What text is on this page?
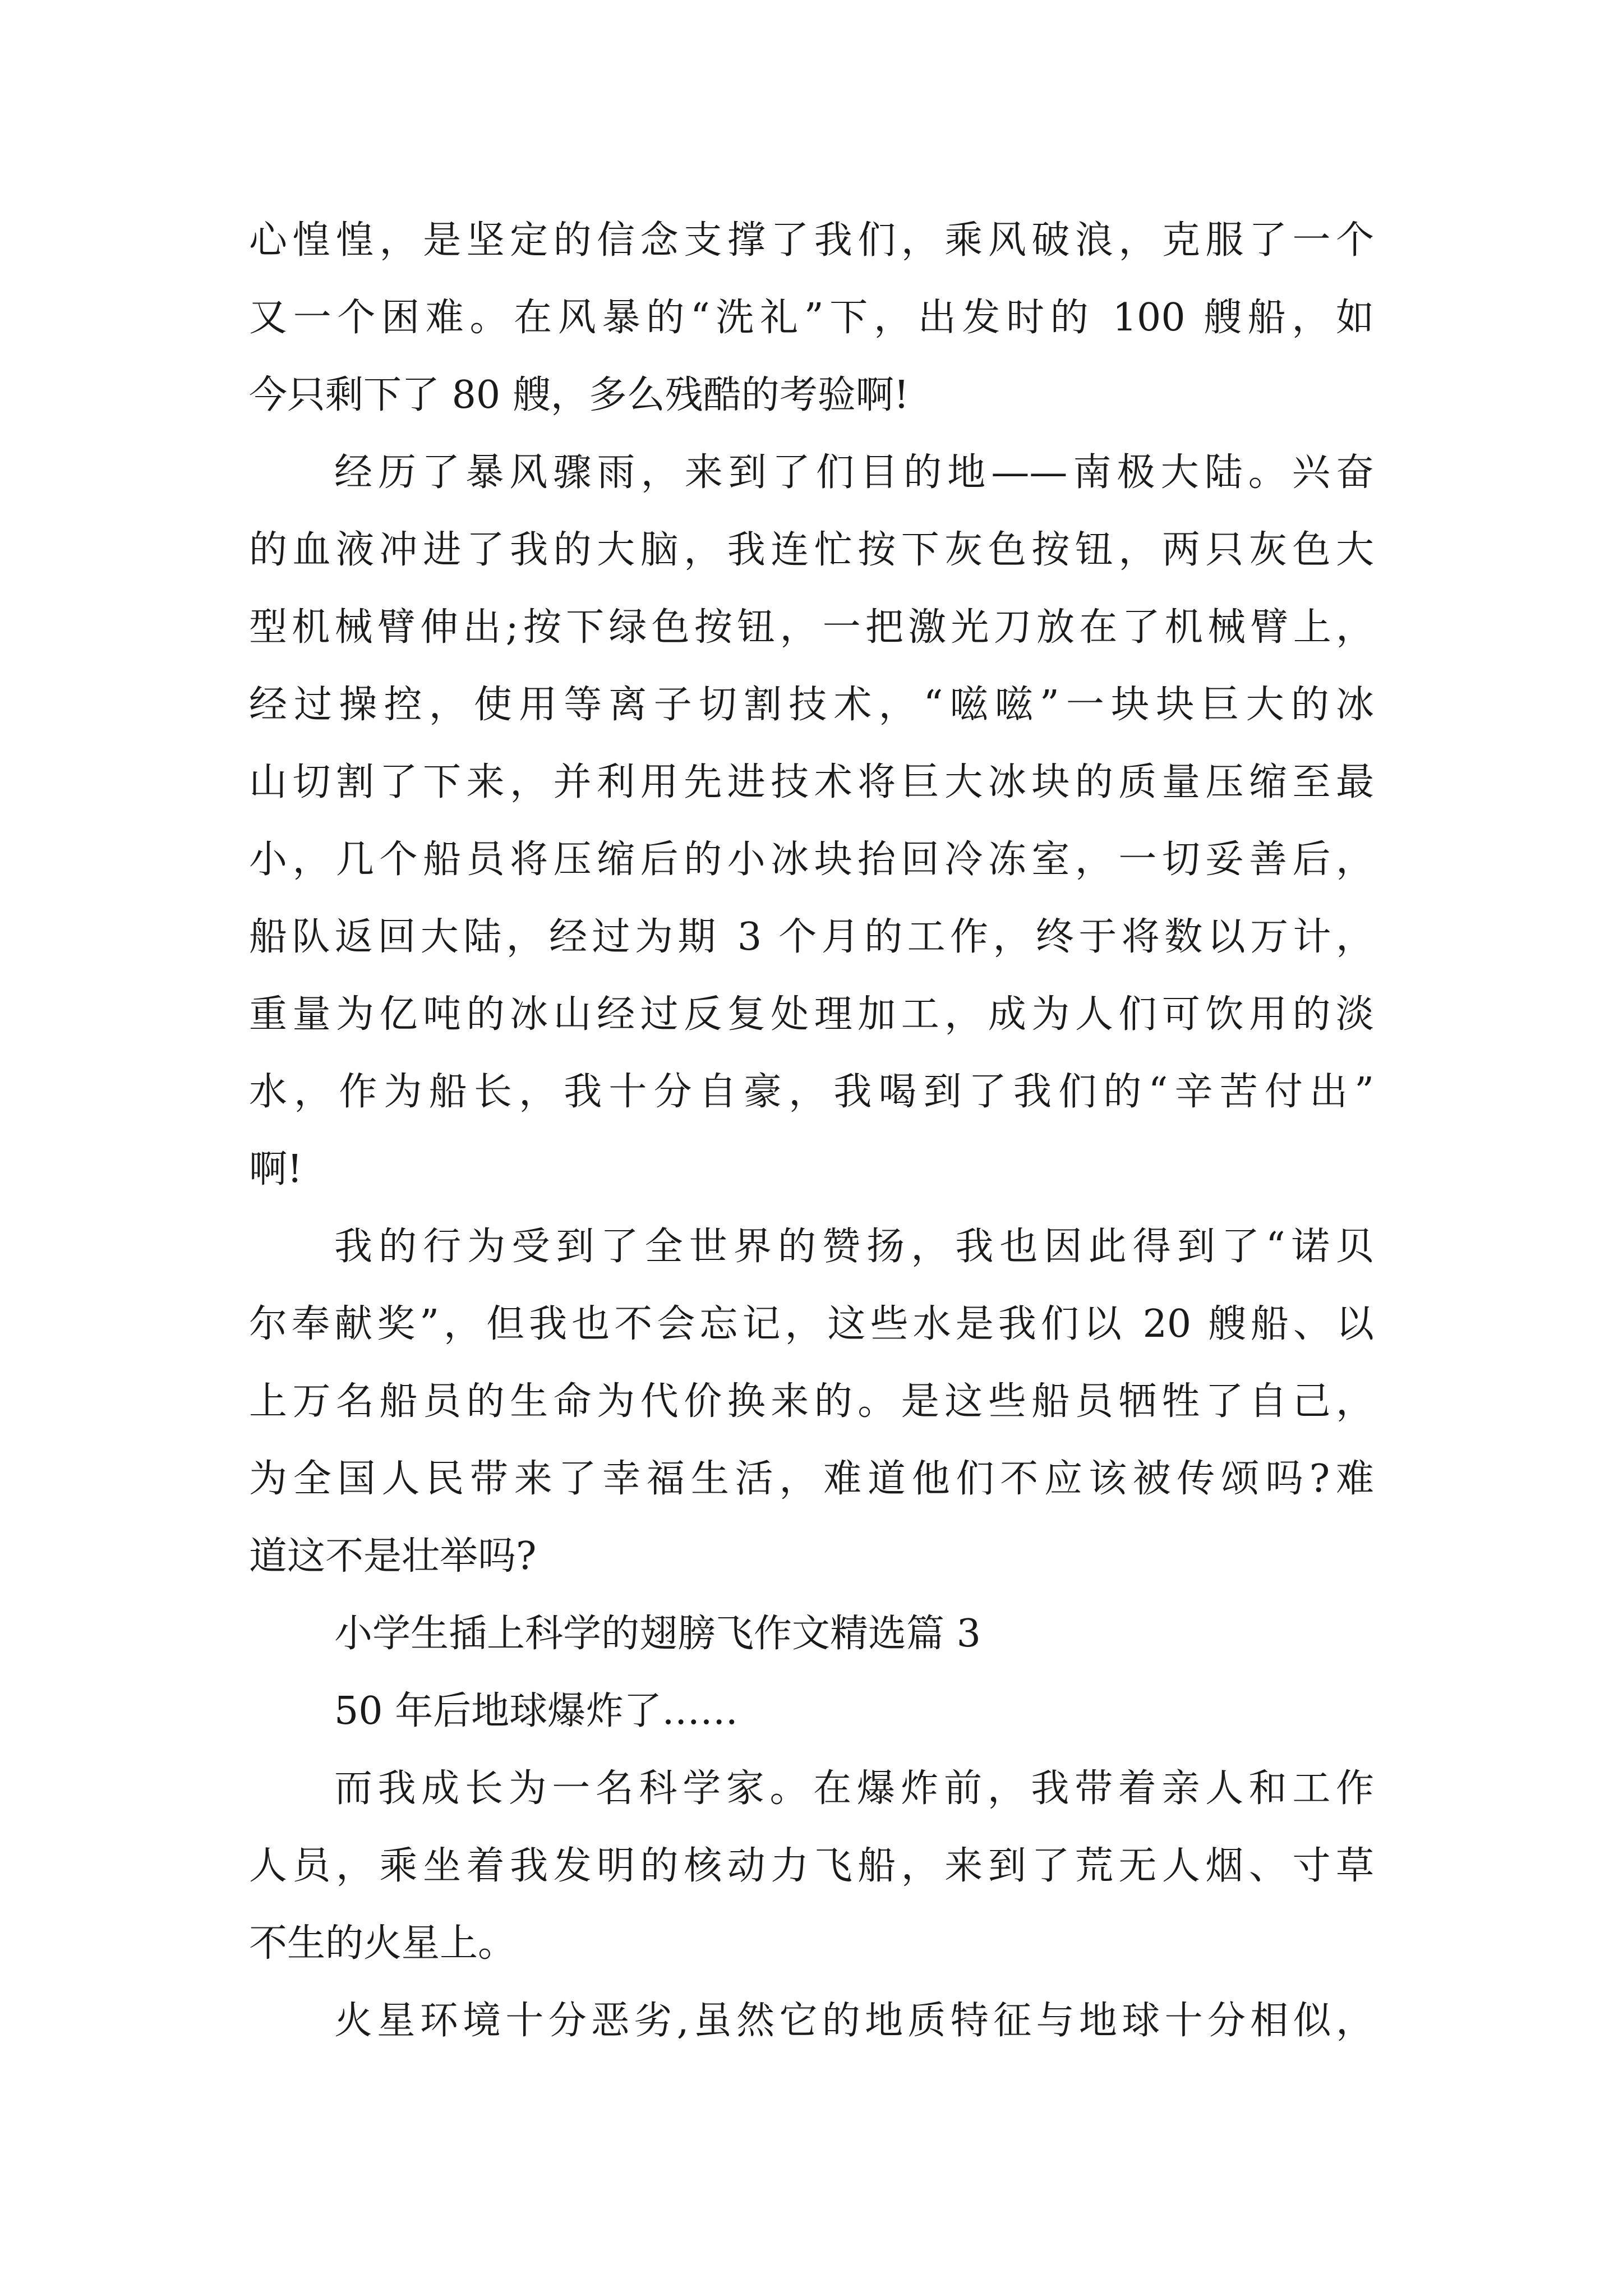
心惶惶，是坚定的信念支撑了我们，乘风破浪，克服了一个
又一个困难。在风暴的“洗礼”下，出发时的 100 艘船，如
今只剩下了 80 艘，多么残酷的考验啊!
经历了暴风骤雨，来到了们目的地——南极大陆。兴奋
的血液冲进了我的大脑，我连忙按下灰色按钮，两只灰色大
型机械臂伸出;按下绿色按钮，一把激光刀放在了机械臂上，
经过操控，使用等离子切割技术，“嗞嗞”一块块巨大的冰
山切割了下来，并利用先进技术将巨大冰块的质量压缩至最
小，几个船员将压缩后的小冰块抬回冷冻室，一切妥善后，
船队返回大陆，经过为期 3 个月的工作，终于将数以万计，
重量为亿吨的冰山经过反复处理加工，成为人们可饮用的淡
水，作为船长，我十分自豪，我喝到了我们的“辛苦付出”
啊!
我的行为受到了全世界的赞扬，我也因此得到了“诺贝
尔奉献奖”，但我也不会忘记，这些水是我们以 20 艘船、以
上万名船员的生命为代价换来的。是这些船员牺牲了自己，
为全国人民带来了幸福生活，难道他们不应该被传颂吗?难
道这不是壮举吗?
小学生插上科学的翅膀飞作文精选篇 3
50 年后地球爆炸了……
而我成长为一名科学家。在爆炸前，我带着亲人和工作
人员，乘坐着我发明的核动力飞船，来到了荒无人烟、寸草
不生的火星上。
火星环境十分恶劣,虽然它的地质特征与地球十分相似，
